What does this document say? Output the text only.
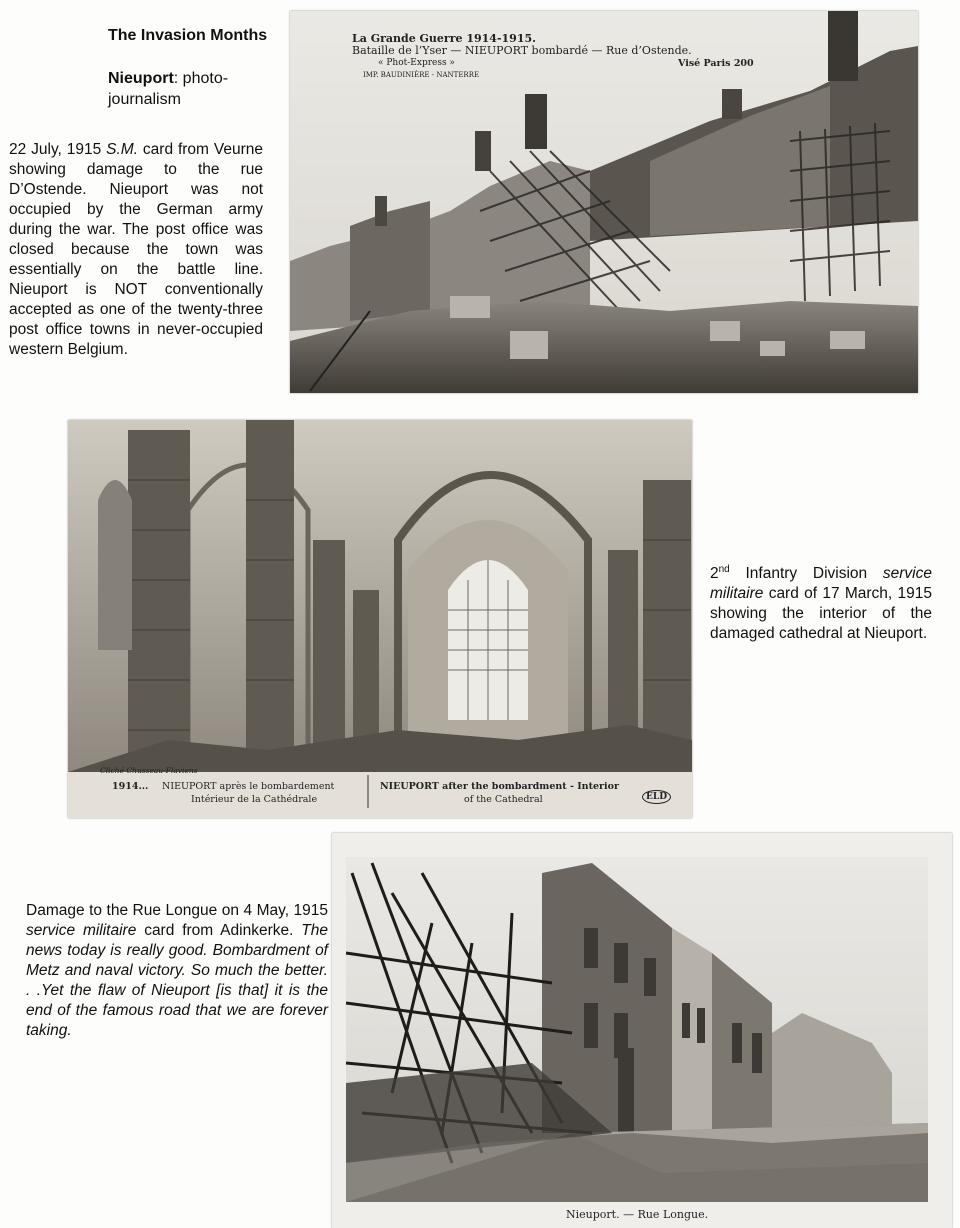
The Invasion Months
Nieuport: photo-journalism
22 July, 1915 S.M. card from Veurne showing damage to the rue D’Ostende. Nieuport was not occupied by the German army during the war. The post office was closed because the town was essentially on the battle line. Nieuport is NOT conventionally accepted as one of the twenty-three post office towns in never-occupied western Belgium.
La Grande Guerre 1914-1915.
Bataille de l’Yser — NIEUPORT bombardé — Rue d’Ostende.
« Phot-Express »	Visé Paris 200
IMP. BAUDINIÈRE - NANTERRE
Cliché Chusseau-Flaviens
1914... NIEUPORT après le bombardement
Intérieur de la Cathédrale
NIEUPORT after the bombardment - Interior
of the Cathedral	ELD
2nd Infantry Division service militaire card of 17 March, 1915 showing the interior of the damaged cathedral at Nieuport.
Damage to the Rue Longue on 4 May, 1915 service militaire card from Adinkerke. The news today is really good. Bombardment of Metz and naval victory. So much the better. . .Yet the flaw of Nieuport [is that] it is the end of the famous road that we are forever taking.
Nieuport. — Rue Longue.
